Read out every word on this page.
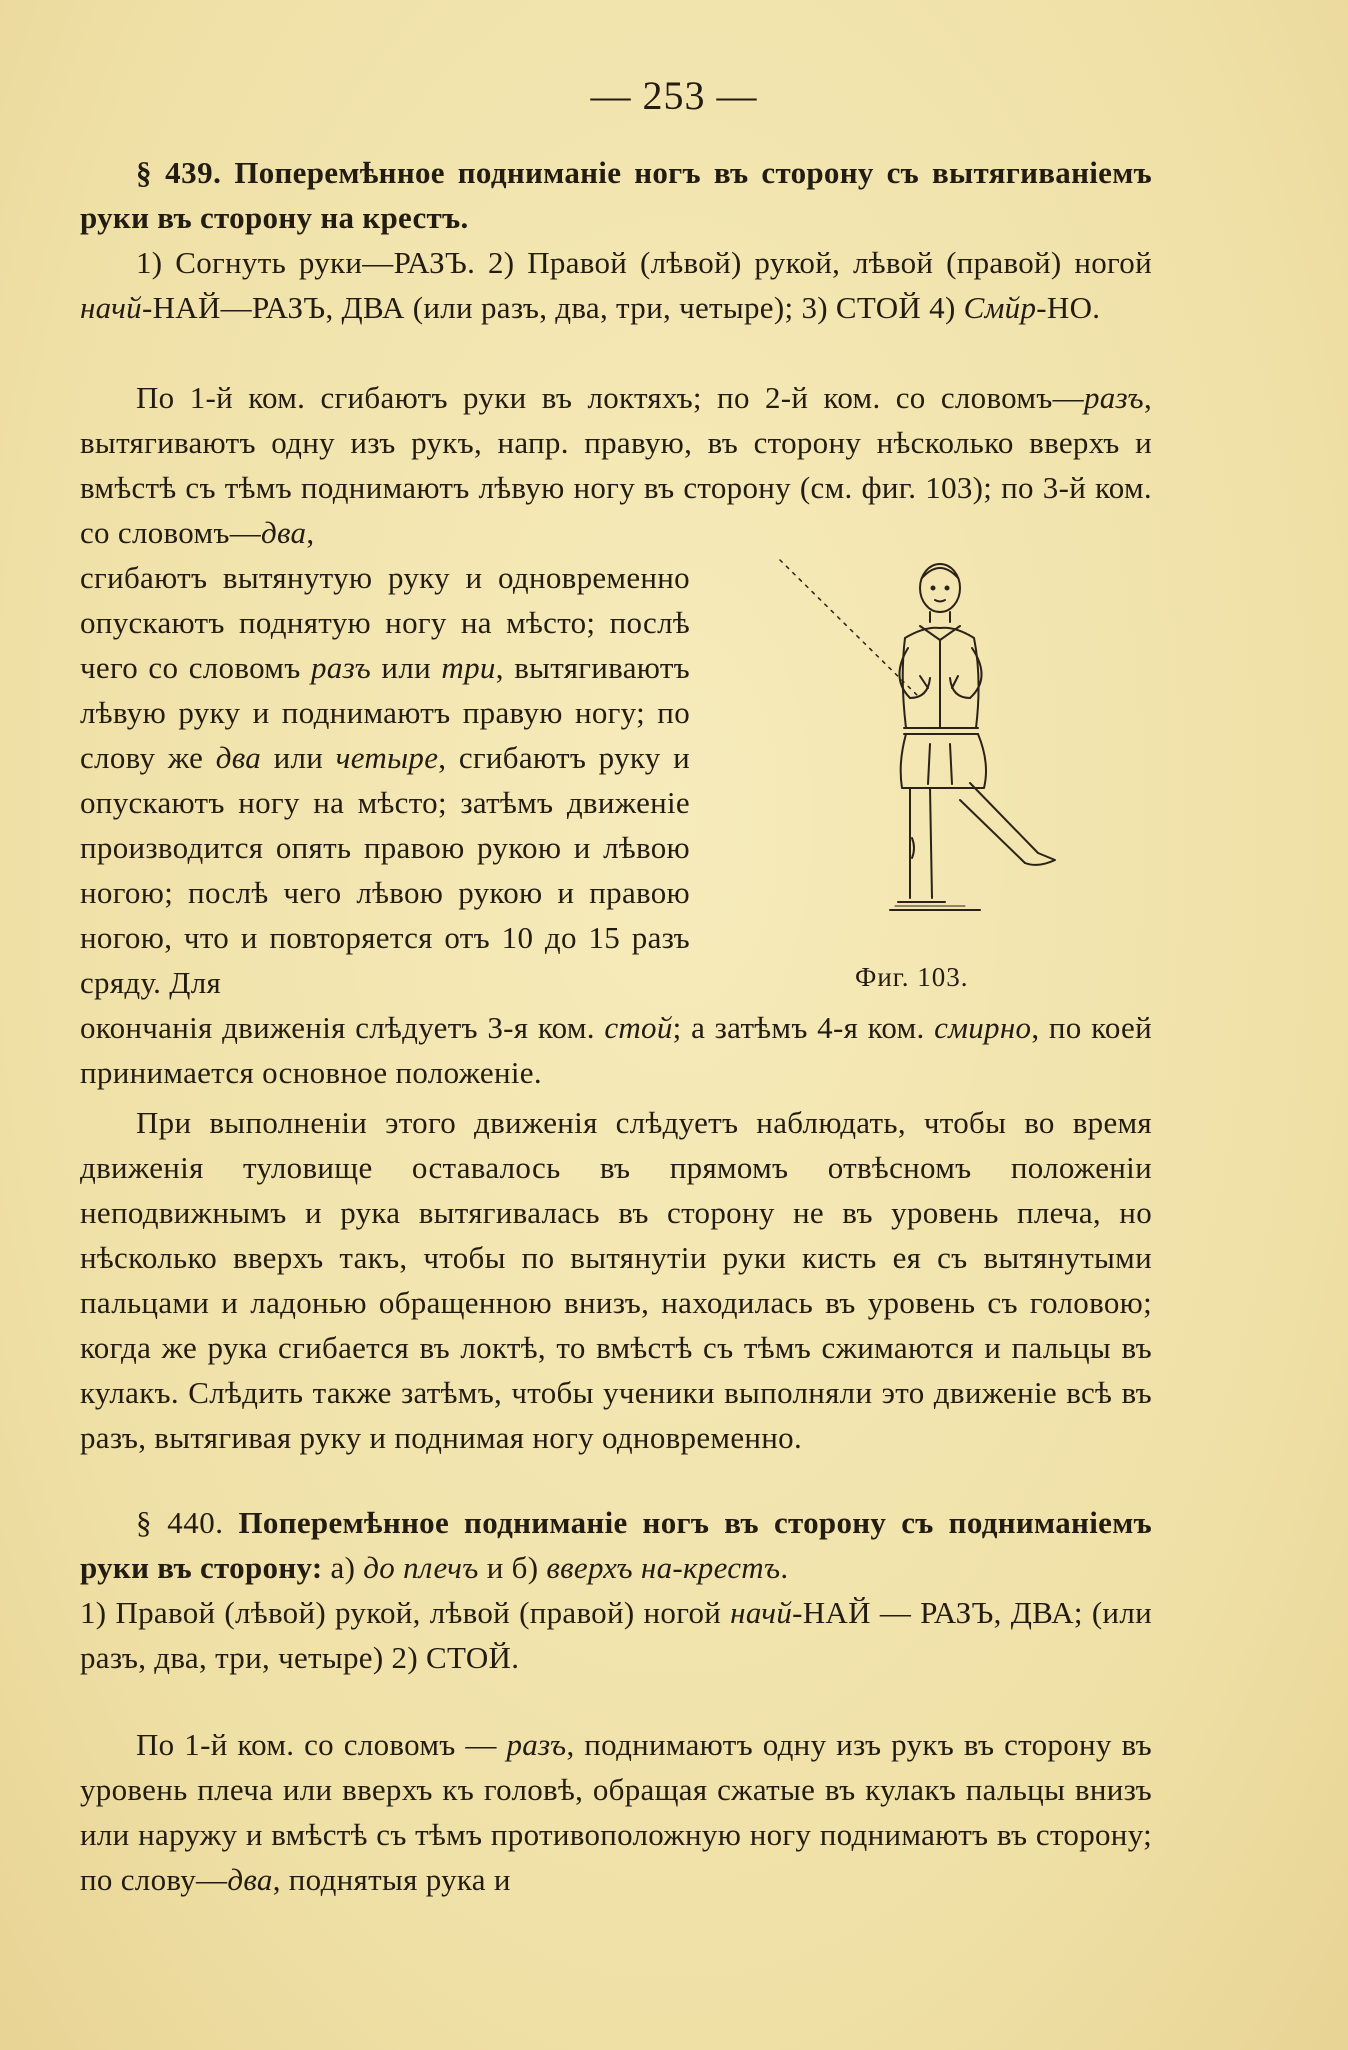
— 253 —

§ 439. Поперемѣнное подниманіе ногъ въ сторону съ вытягиваніемъ руки въ сторону на крестъ.

1) Согнуть руки—РАЗЪ. 2) Правой (лѣвой) рукой, лѣвой (правой) ногой начй-НАЙ—РАЗЪ, ДВА (или разъ, два, три, четыре); 3) СТОЙ 4) Смйр-НО.

По 1-й ком. сгибаютъ руки въ локтяхъ; по 2-й ком. со словомъ—разъ, вытягиваютъ одну изъ рукъ, напр. правую, въ сторону нѣсколько вверхъ и вмѣстѣ съ тѣмъ поднимаютъ лѣвую ногу въ сторону (см. фиг. 103); по 3-й ком. со словомъ—два,

сгибаютъ вытянутую руку и одновременно опускаютъ поднятую ногу на мѣсто; послѣ чего со словомъ разъ или три, вытягиваютъ лѣвую руку и поднимаютъ правую ногу; по слову же два или четыре, сгибаютъ руку и опускаютъ ногу на мѣсто; затѣмъ движеніе производится опять правою рукою и лѣвою ногою; послѣ чего лѣвою рукою и правою ногою, что и повторяется отъ 10 до 15 разъ сряду. Для	Фиг. 103.

окончанія движенія слѣдуетъ 3-я ком. стой; а затѣмъ 4-я ком. смирно, по коей принимается основное положеніе.

При выполненіи этого движенія слѣдуетъ наблюдать, чтобы во время движенія туловище оставалось въ прямомъ отвѣсномъ положеніи неподвижнымъ и рука вытягивалась въ сторону не въ уровень плеча, но нѣсколько вверхъ такъ, чтобы по вытянутіи руки кисть ея съ вытянутыми пальцами и ладонью обращенною внизъ, находилась въ уровень съ головою; когда же рука сгибается въ локтѣ, то вмѣстѣ съ тѣмъ сжимаются и пальцы въ кулакъ. Слѣдить также затѣмъ, чтобы ученики выполняли это движеніе всѣ въ разъ, вытягивая руку и поднимая ногу одновременно.

§ 440. Поперемѣнное подниманіе ногъ въ сторону съ подниманіемъ руки въ сторону: а) до плечъ и б) вверхъ на-крестъ.

1) Правой (лѣвой) рукой, лѣвой (правой) ногой начй-НАЙ — РАЗЪ, ДВА; (или разъ, два, три, четыре) 2) СТОЙ.

По 1-й ком. со словомъ — разъ, поднимаютъ одну изъ рукъ въ сторону въ уровень плеча или вверхъ къ головѣ, обращая сжатые въ кулакъ пальцы внизъ или наружу и вмѣстѣ съ тѣмъ противоположную ногу поднимаютъ въ сторону; по слову—два, поднятыя рука и
